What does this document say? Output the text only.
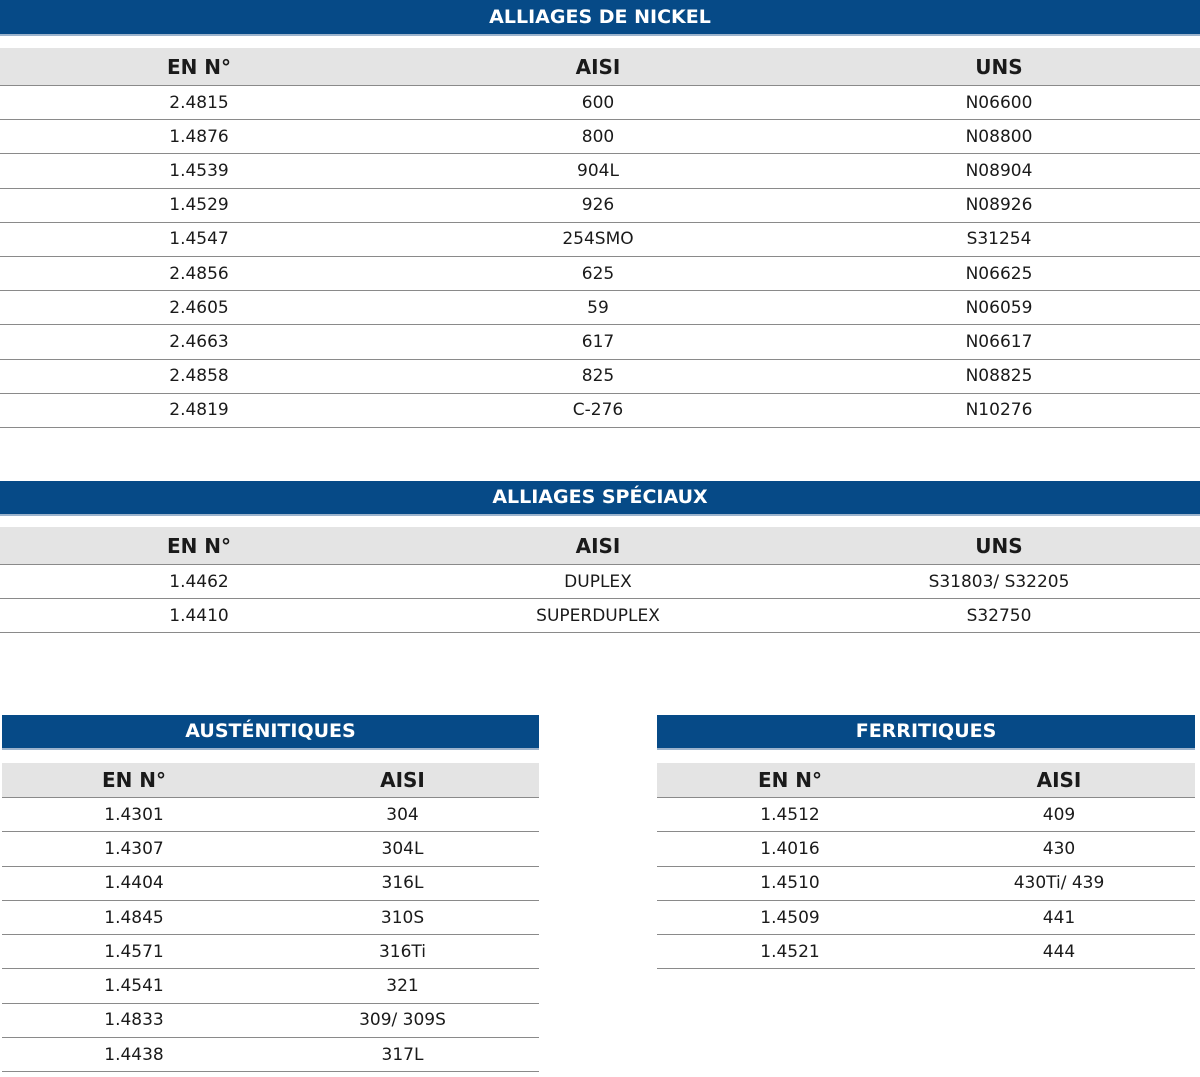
ALLIAGES DE NICKEL
EN N°	AISI	UNS
2.4815	600	N06600
1.4876	800	N08800
1.4539	904L	N08904
1.4529	926	N08926
1.4547	254SMO	S31254
2.4856	625	N06625
2.4605	59	N06059
2.4663	617	N06617
2.4858	825	N08825
2.4819	C-276	N10276
ALLIAGES SPÉCIAUX
EN N°	AISI	UNS
1.4462	DUPLEX	S31803/ S32205
1.4410	SUPERDUPLEX	S32750
AUSTÉNITIQUES
EN N°	AISI
1.4301	304
1.4307	304L
1.4404	316L
1.4845	310S
1.4571	316Ti
1.4541	321
1.4833	309/ 309S
1.4438	317L
FERRITIQUES
EN N°	AISI
1.4512	409
1.4016	430
1.4510	430Ti/ 439
1.4509	441
1.4521	444
